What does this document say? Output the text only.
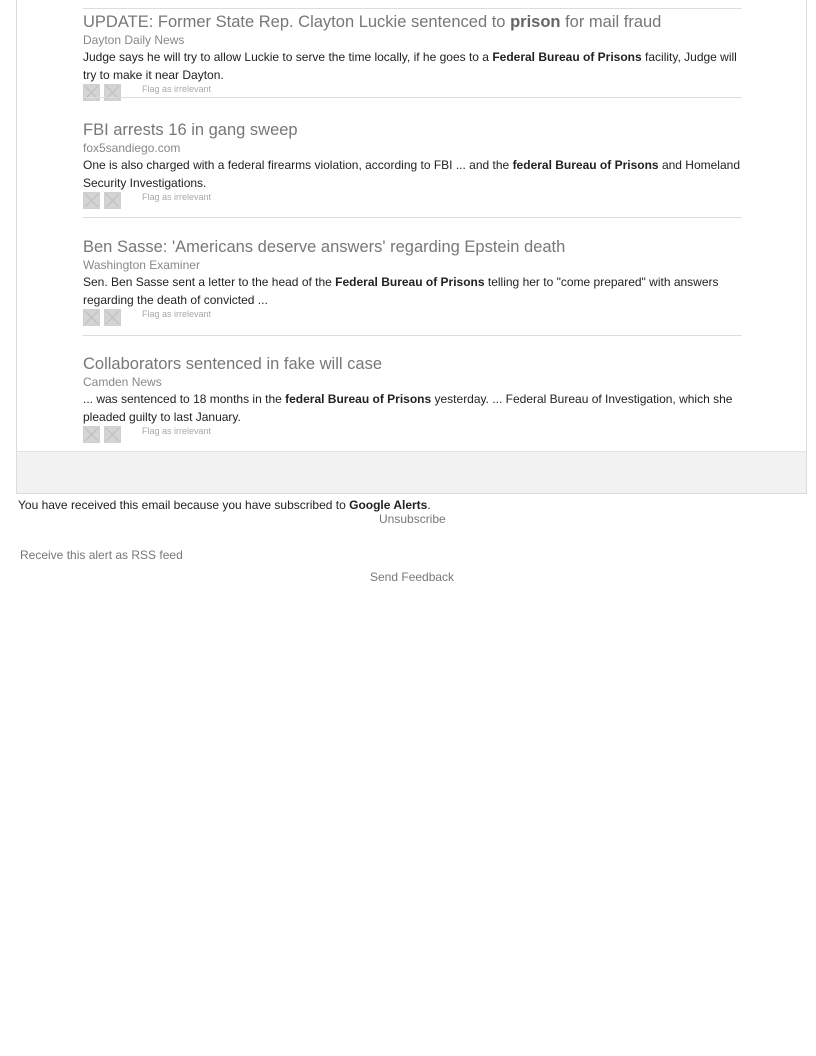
UPDATE: Former State Rep. Clayton Luckie sentenced to prison for mail fraud
Dayton Daily News
Judge says he will try to allow Luckie to serve the time locally, if he goes to a Federal Bureau of Prisons facility, Judge will try to make it near Dayton.
Flag as irrelevant
FBI arrests 16 in gang sweep
fox5sandiego.com
One is also charged with a federal firearms violation, according to FBI ... and the federal Bureau of Prisons and Homeland Security Investigations.
Flag as irrelevant
Ben Sasse: 'Americans deserve answers' regarding Epstein death
Washington Examiner
Sen. Ben Sasse sent a letter to the head of the Federal Bureau of Prisons telling her to "come prepared" with answers regarding the death of convicted ...
Flag as irrelevant
Collaborators sentenced in fake will case
Camden News
... was sentenced to 18 months in the federal Bureau of Prisons yesterday. ... Federal Bureau of Investigation, which she pleaded guilty to last January.
Flag as irrelevant
You have received this email because you have subscribed to Google Alerts.
Unsubscribe
Receive this alert as RSS feed
Send Feedback
